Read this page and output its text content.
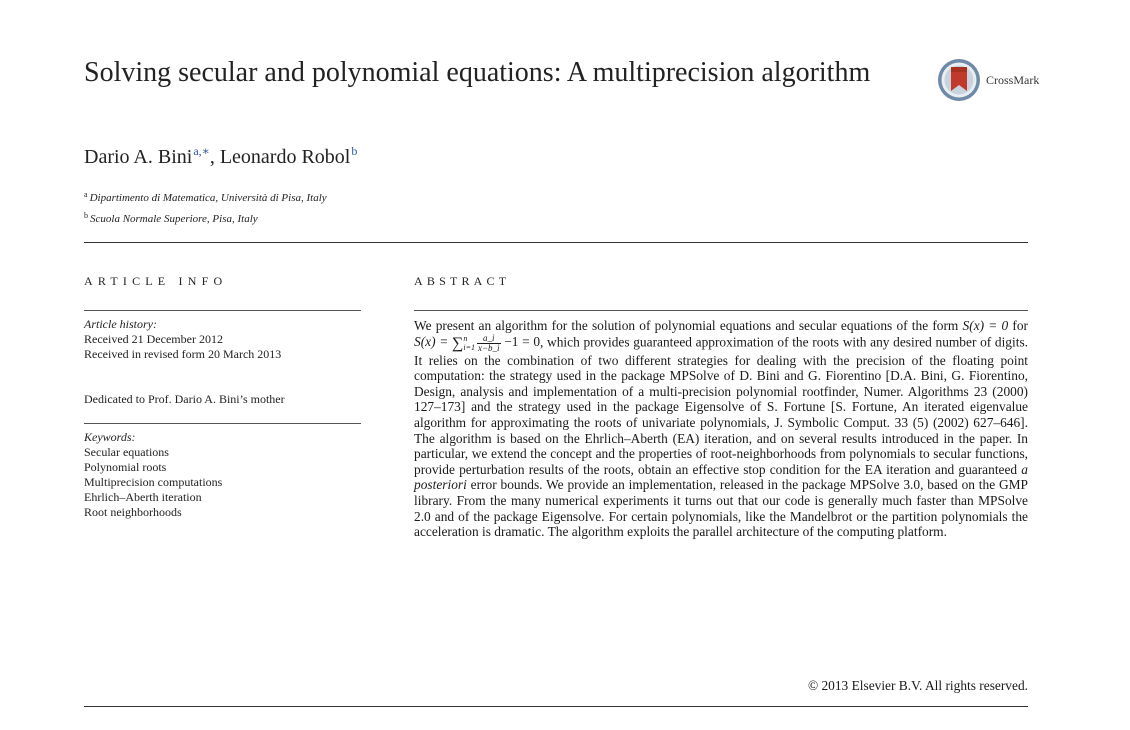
Solving secular and polynomial equations: A multiprecision algorithm	CrossMark
Dario A. Bini$^{a,∗}$, Leonardo Robol$^b$
$^a$ Dipartimento di Matematica, Università di Pisa, Italy
$^b$ Scuola Normale Superiore, Pisa, Italy
ARTICLE INFO	ABSTRACT
Article history:
Received 21 December 2012
Received in revised form 20 March 2013
Dedicated to Prof. Dario A. Bini’s mother
Keywords:
Secular equations
Polynomial roots
Multiprecision computations
Ehrlich–Aberth iteration
Root neighborhoods
We present an algorithm for the solution of polynomial equations and secular equations of the form S(x) = 0 for S(x) = ∑ n
$i=1 \frac{a\_i}{x-b\_i} -1 = 0$, which provides guaranteed approximation of the roots with any desired number of digits. It relies on the combination of two different strategies for dealing with the precision of the floating point computation: the strategy used in the package MPSolve of D. Bini and G. Fiorentino [D.A. Bini, G. Fiorentino, Design, analysis and implementation of a multi-precision polynomial rootfinder, Numer. Algorithms 23 (2000) 127–173] and the strategy used in the package Eigensolve of S. Fortune [S. Fortune, An iterated eigenvalue algorithm for approximating the roots of univariate polynomials, J. Symbolic Comput. 33 (5) (2002) 627–646]. The algorithm is based on the Ehrlich–Aberth (EA) iteration, and on several results introduced in the paper. In particular, we extend the concept and the properties of root-neighborhoods from polynomials to secular functions, provide perturbation results of the roots, obtain an effective stop condition for the EA iteration and guaranteed a posteriori error bounds. We provide an implementation, released in the package MPSolve 3.0, based on the GMP library. From the many numerical experiments it turns out that our code is generally much faster than MPSolve 2.0 and of the package Eigensolve. For certain polynomials, like the Mandelbrot or the partition polynomials the acceleration is dramatic. The algorithm exploits the parallel architecture of the computing platform.
© 2013 Elsevier B.V. All rights reserved.
